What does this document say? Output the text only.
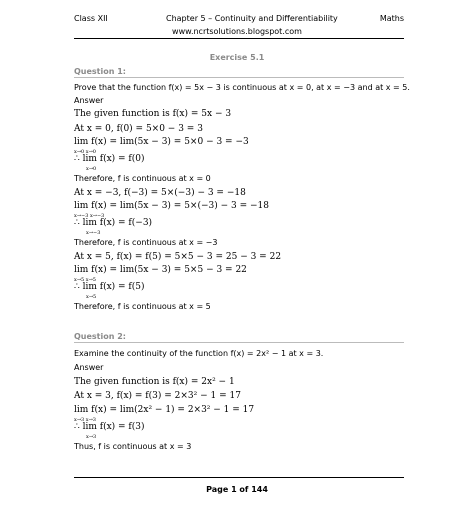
Class XII	Chapter 5 – Continuity and Differentiability	Maths
www.ncrtsolutions.blogspot.com
Exercise 5.1
Question 1:
Prove that the function f(x) = 5x − 3 is continuous at x = 0, at x = −3 and at x = 5.
Answer
The given function is f(x) = 5x − 3
At x = 0, f(0) = 5×0 − 3 = 3
lim f(x) = lim(5x − 3) = 5×0 − 3 = −3
x→0 x→0
∴ lim f(x) = f(0)
x→0
Therefore, f is continuous at x = 0
At x = −3, f(−3) = 5×(−3) − 3 = −18
lim f(x) = lim(5x − 3) = 5×(−3) − 3 = −18
x→−3 x→−3
∴ lim f(x) = f(−3)
x→−3
Therefore, f is continuous at x = −3
At x = 5, f(x) = f(5) = 5×5 − 3 = 25 − 3 = 22
lim f(x) = lim(5x − 3) = 5×5 − 3 = 22
x→5 x→5
∴ lim f(x) = f(5)
x→5
Therefore, f is continuous at x = 5
Question 2:
Examine the continuity of the function f(x) = 2x² − 1 at x = 3.
Answer
The given function is f(x) = 2x² − 1
At x = 3, f(x) = f(3) = 2×3² − 1 = 17
lim f(x) = lim(2x² − 1) = 2×3² − 1 = 17
x→3 x→3
∴ lim f(x) = f(3)
x→3
Thus, f is continuous at x = 3
Page 1 of 144
